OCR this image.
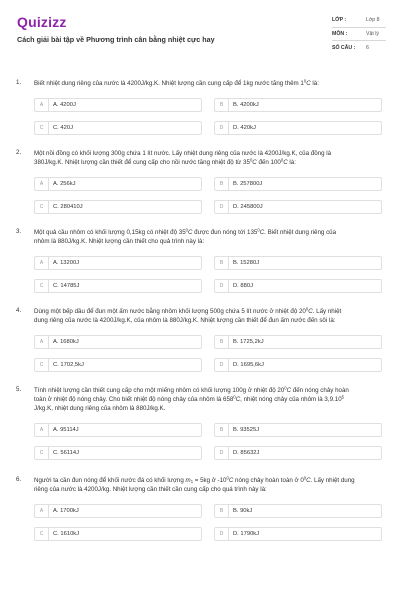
Quizizz
Cách giải bài tập về Phương trình cân bằng nhiệt cực hay
LỚP :	Lớp 8
MÔN :	Vật lý
SỐ CÂU :	6
1. Biết nhiệt dung riêng của nước là 4200J/kg.K. Nhiệt lượng cần cung cấp để 1kg nước tăng thêm $1^0C$ là:
A	A. 4200J	B	B. 4200kJ
C	C. 420J	D	D. 420kJ
2. Một nồi đồng có khối lượng 300g chứa 1 lít nước. Lấy nhiệt dung riêng của nước là 4200J/kg.K, của đồng là
380J/kg.K. Nhiệt lượng cần thiết để cung cấp cho nồi nước tăng nhiệt độ từ $35^0C$ đến $100^0C$ là:
A	A. 256kJ	B	B. 257800J
C	C. 280410J	D	D. 245800J
3. Một quả cầu nhôm có khối lượng 0,15kg có nhiệt độ $35^0C$ được đun nóng tới $135^0C$. Biết nhiệt dung riêng của
nhôm là 880J/kg.K. Nhiệt lượng cần thiết cho quả trình này là:
A	A. 13200J	B	B. 15280J
C	C. 14785J	D	D. 880J
4. Dùng một bếp dầu để đun một ấm nước bằng nhôm khối lượng 500g chứa 5 lít nước ở nhiệt độ $20^0C$. Lấy nhiệt
dung riêng của nước là 4200J/kg.K, của nhôm là 880J/kg.K. Nhiệt lượng cần thiết để đun ấm nước đến sôi là:
A	A. 1680kJ	B	B. 1725,2kJ
C	C. 1702,5kJ	D	D. 1695,6kJ
5. Tính nhiệt lượng cần thiết cung cấp cho một miếng nhôm có khối lượng 100g ở nhiệt độ $20^0C$ đến nóng chảy hoàn
toàn ở nhiệt độ nóng chảy. Cho biết nhiệt độ nóng chảy của nhôm là $658^0C$, nhiệt nóng chảy của nhôm là 3,9.10$^5$
J/kg.K, nhiệt dung riêng của nhôm là 880J/kg.K.
A	A. 95114J	B	B. 93525J
C	C. 56114J	D	D. 85632J
6. Người ta cần đun nóng để khối nước đá có khối lượng $m_1 = 5kg$ ở $-10^0C$ nóng chảy hoàn toàn ở $0^0C$. Lấy nhiệt dung
riêng của nước là 4200J/kg. Nhiệt lượng cần thiết cần cung cấp cho quá trình này là:
A	A. 1700kJ	B	B. 90kJ
C	C. 1610kJ	D	D. 1790kJ
